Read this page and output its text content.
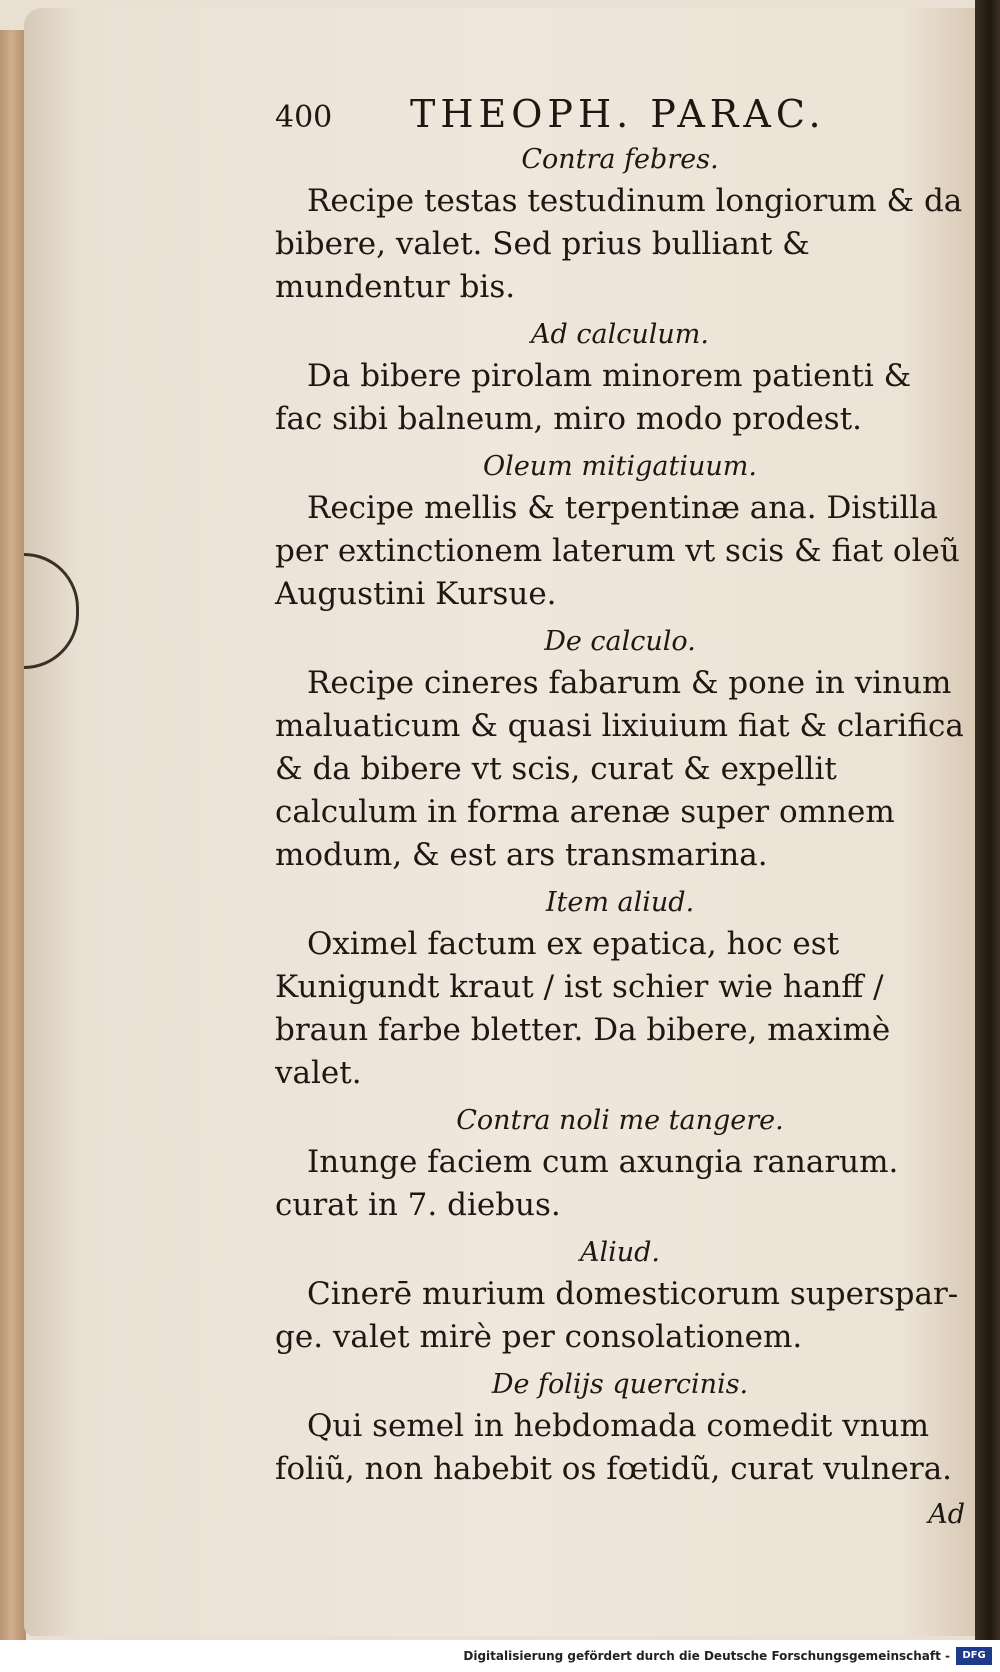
400	THEOPH. PARAC.

Contra febres.

Recipe testas testudinum longiorum & da bibere, valet. Sed prius bulliant & mundentur bis.

Ad calculum.

Da bibere pirolam minorem patienti & fac sibi balneum, miro modo prodest.

Oleum mitigatiuum.

Recipe mellis & terpentinæ ana. Distilla per extinctionem laterum vt scis & fiat oleũ Augustini Kursue.

De calculo.

Recipe cineres fabarum & pone in vinum maluaticum & quasi lixiuium fiat & clarifica & da bibere vt scis, curat & expellit calculum in forma arenæ super omnem modum, & est ars transmarina.

Item aliud.

Oximel factum ex epatica, hoc est Kunigundt kraut / ist schier wie hanff / braun farbe bletter. Da bibere, maximè valet.

Contra noli me tangere.

Inunge faciem cum axungia ranarum. curat in 7. diebus.

Aliud.

Cinerē murium domesticorum superspar-ge. valet mirè per consolationem.

De folijs quercinis.

Qui semel in hebdomada comedit vnum foliũ, non habebit os fœtidũ, curat vulnera.

Ad
Digitalisierung gefördert durch die Deutsche Forschungsgemeinschaft -	DFG
